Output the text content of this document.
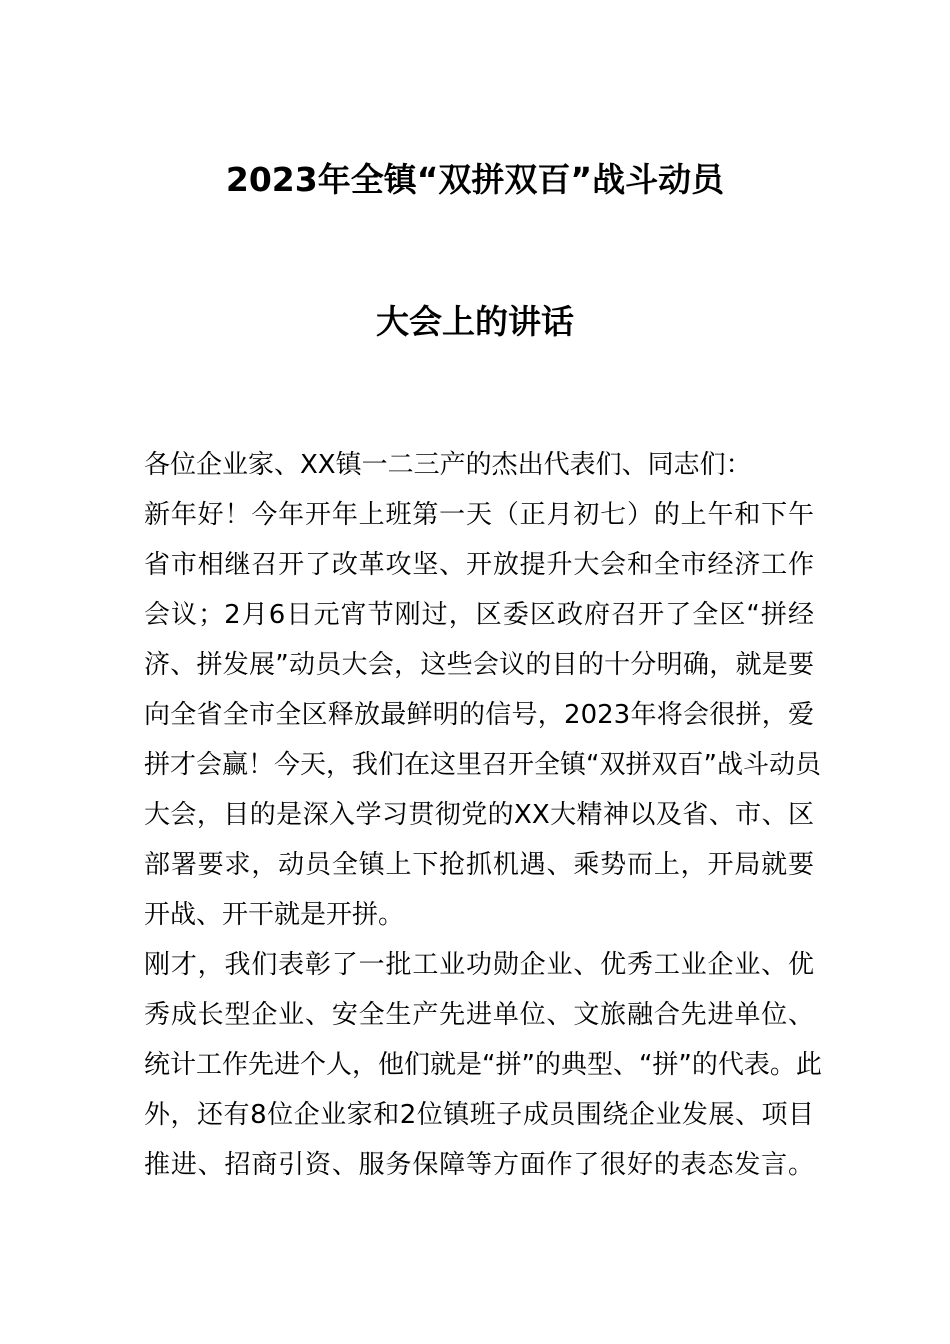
2023年全镇“双拼双百”战斗动员
大会上的讲话
各位企业家、XX镇一二三产的杰出代表们、同志们：
新年好！今年开年上班第一天（正月初七）的上午和下午
省市相继召开了改革攻坚、开放提升大会和全市经济工作
会议；2月6日元宵节刚过，区委区政府召开了全区“拼经
济、拼发展”动员大会，这些会议的目的十分明确，就是要
向全省全市全区释放最鲜明的信号，2023年将会很拼，爱
拼才会赢！今天，我们在这里召开全镇“双拼双百”战斗动员
大会，目的是深入学习贯彻党的XX大精神以及省、市、区
部署要求，动员全镇上下抢抓机遇、乘势而上，开局就要
开战、开干就是开拼。
刚才，我们表彰了一批工业功勋企业、优秀工业企业、优
秀成长型企业、安全生产先进单位、文旅融合先进单位、
统计工作先进个人，他们就是“拼”的典型、“拼”的代表。此
外，还有8位企业家和2位镇班子成员围绕企业发展、项目
推进、招商引资、服务保障等方面作了很好的表态发言。
